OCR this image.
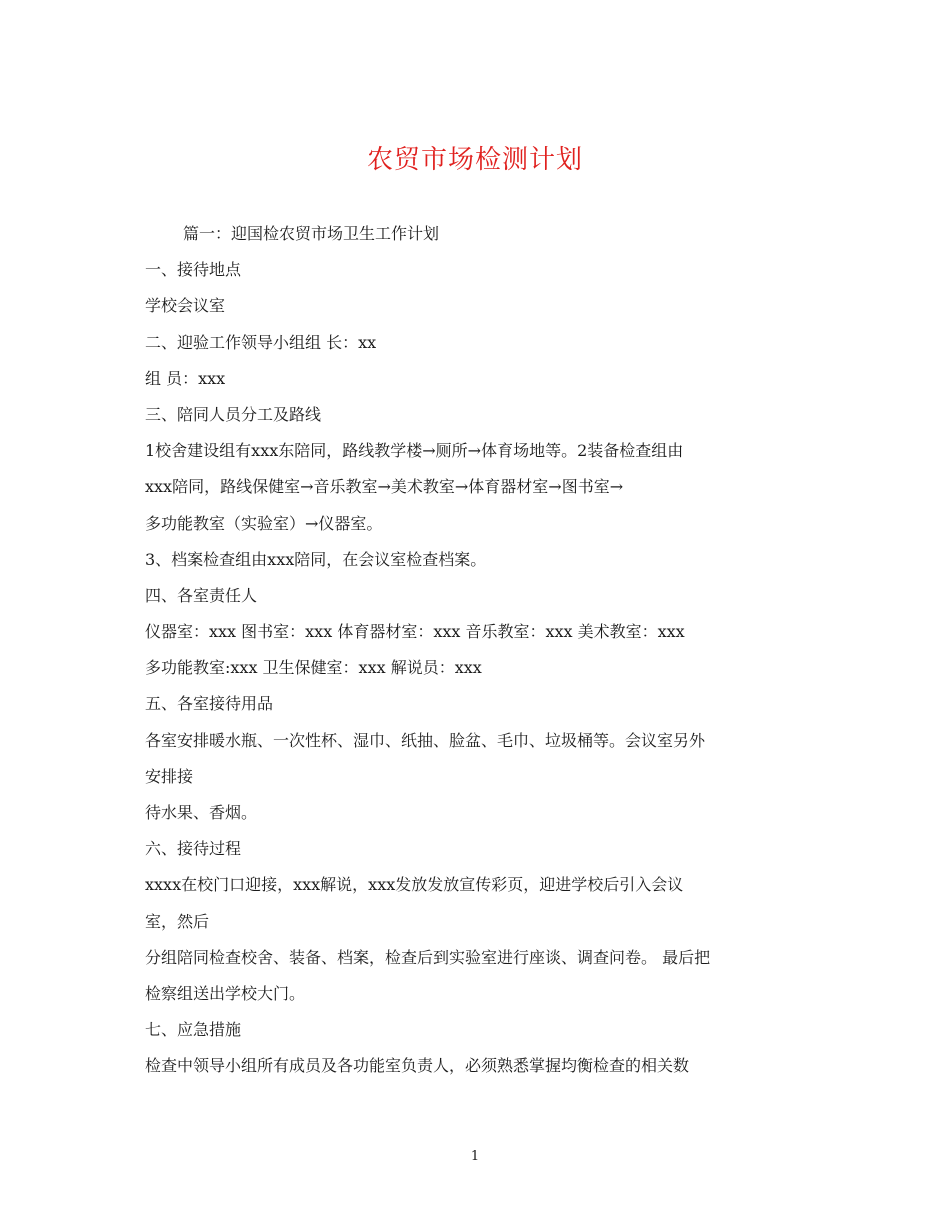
农贸市场检测计划
篇一：迎国检农贸市场卫生工作计划
一、接待地点
学校会议室
二、迎验工作领导小组组 长：xx
组 员：xxx
三、陪同人员分工及路线
1校舍建设组有xxx东陪同，路线教学楼→厕所→体育场地等。2装备检查组由
xxx陪同，路线保健室→音乐教室→美术教室→体育器材室→图书室→
多功能教室（实验室）→仪器室。
3、档案检查组由xxx陪同，在会议室检查档案。
四、各室责任人
仪器室：xxx 图书室：xxx 体育器材室：xxx 音乐教室：xxx 美术教室：xxx
多功能教室:xxx 卫生保健室：xxx 解说员：xxx
五、各室接待用品
各室安排暖水瓶、一次性杯、湿巾、纸抽、脸盆、毛巾、垃圾桶等。会议室另外
安排接
待水果、香烟。
六、接待过程
xxxx在校门口迎接，xxx解说，xxx发放发放宣传彩页，迎进学校后引入会议
室，然后
分组陪同检查校舍、装备、档案，检查后到实验室进行座谈、调查问卷。 最后把
检察组送出学校大门。
七、应急措施
检查中领导小组所有成员及各功能室负责人，必须熟悉掌握均衡检查的相关数
1
